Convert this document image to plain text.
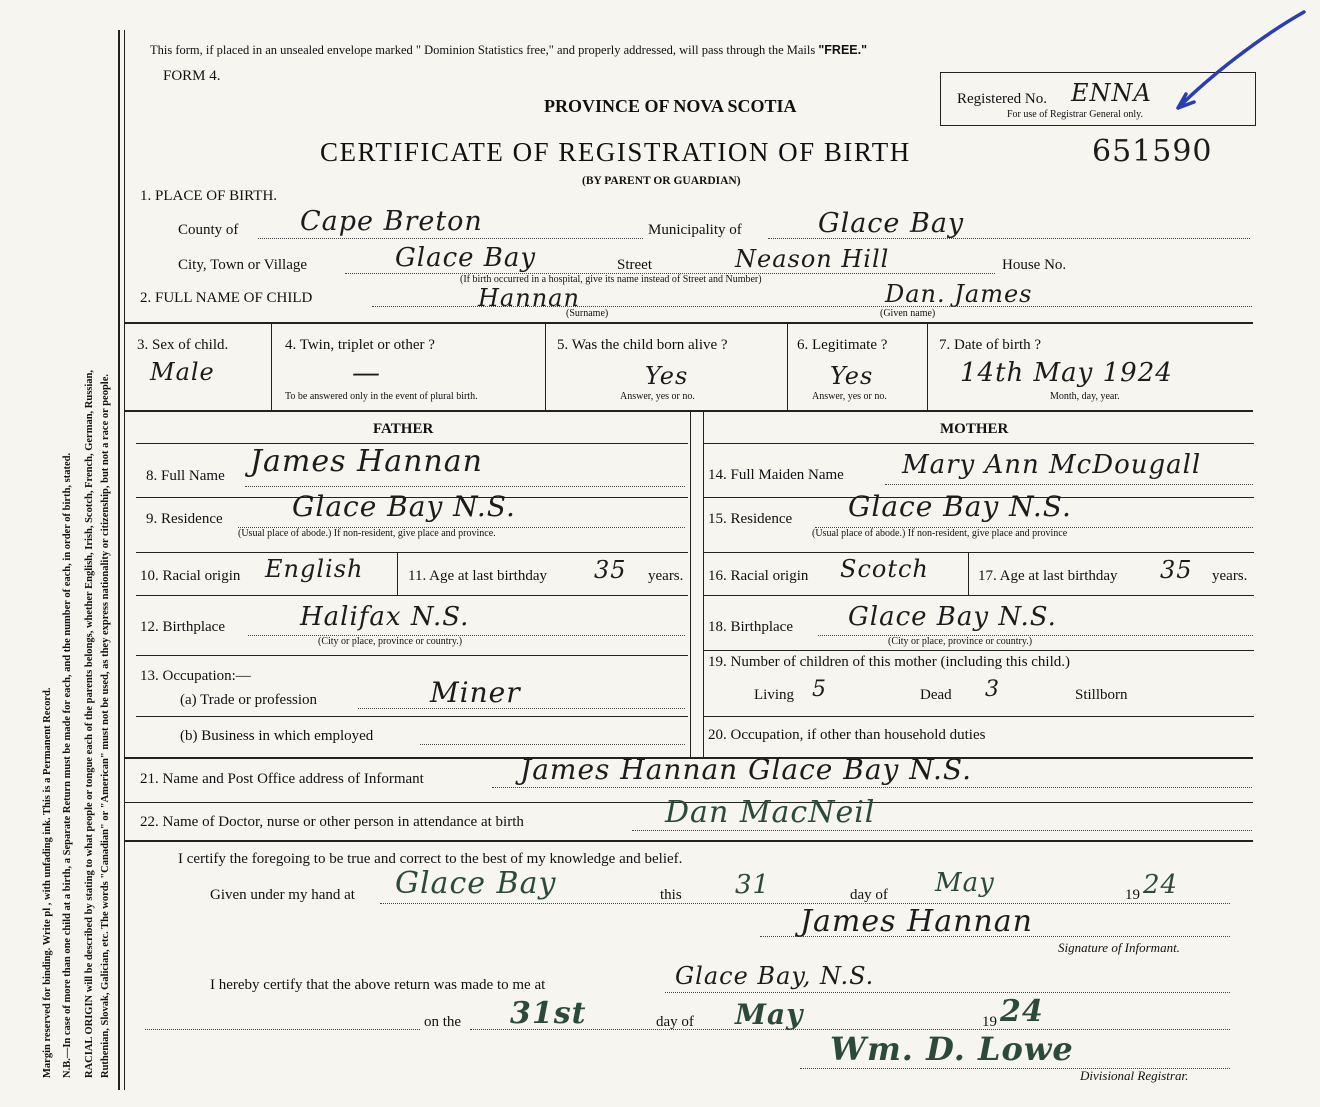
Margin reserved for binding. Write pl , with unfading ink. This is a Permanent Record. N.B.—In case of more than one child at a birth, a Separate Return must be made for each, and the number of each, in order of birth, stated. RACIAL ORIGIN will be described by stating to what people or tongue each of the parents belongs, whether English, Irish, Scotch, French, German, Russian, Ruthenian, Slovak, Galician, etc. The words "Canadian" or "American" must not be used, as they express nationality or citizenship, but not a race or people.
This form, if placed in an unsealed envelope marked " Dominion Statistics free," and properly addressed, will pass through the Mails "FREE."
FORM 4.
PROVINCE OF NOVA SCOTIA	Registered No. ENNA
For use of Registrar General only.
CERTIFICATE OF REGISTRATION OF BIRTH	651590
(BY PARENT OR GUARDIAN)
1. PLACE OF BIRTH.
County of Cape Breton	Municipality of	Glace Bay
City, Town or Village	Glace Bay	Street	Neason Hill	House No.
(If birth occurred in a hospital, give its name instead of Street and Number)
2. FULL NAME OF CHILD	Hannan	Dan. James
(Surname)	(Given name)
3. Sex of child.
Male
4. Twin, triplet or other ?
—
To be answered only in the event of plural birth.
5. Was the child born alive ?
Yes
Answer, yes or no.
6. Legitimate ?
Yes
Answer, yes or no.
7. Date of birth ?
14th May 1924
Month, day, year.
FATHER	MOTHER
8. Full Name James Hannan
9. Residence Glace Bay N.S.
(Usual place of abode.) If non-resident, give place and province.
10. Racial origin English	11. Age at last birthday 35 years.
12. Birthplace	Halifax N.S.
(City or place, province or country.)
13. Occupation:—
(a) Trade or profession	Miner
(b) Business in which employed
14. Full Maiden Name Mary Ann McDougall
15. Residence Glace Bay N.S.
(Usual place of abode.) If non-resident, give place and province
16. Racial origin Scotch	17. Age at last birthday 35 years.
18. Birthplace Glace Bay N.S.
(City or place, province or country.)
19. Number of children of this mother (including this child.)
Living 5	Dead 3	Stillborn
20. Occupation, if other than household duties
21. Name and Post Office address of Informant	James Hannan Glace Bay N.S.
22. Name of Doctor, nurse or other person in attendance at birth	Dan MacNeil
I certify the foregoing to be true and correct to the best of my knowledge and belief.
Given under my hand at Glace Bay	this 31	day of May	19 24
James Hannan
Signature of Informant.
I hereby certify that the above return was made to me at	Glace Bay, N.S.
on the 31st	day of May	19 24
Wm. D. Lowe
Divisional Registrar.
